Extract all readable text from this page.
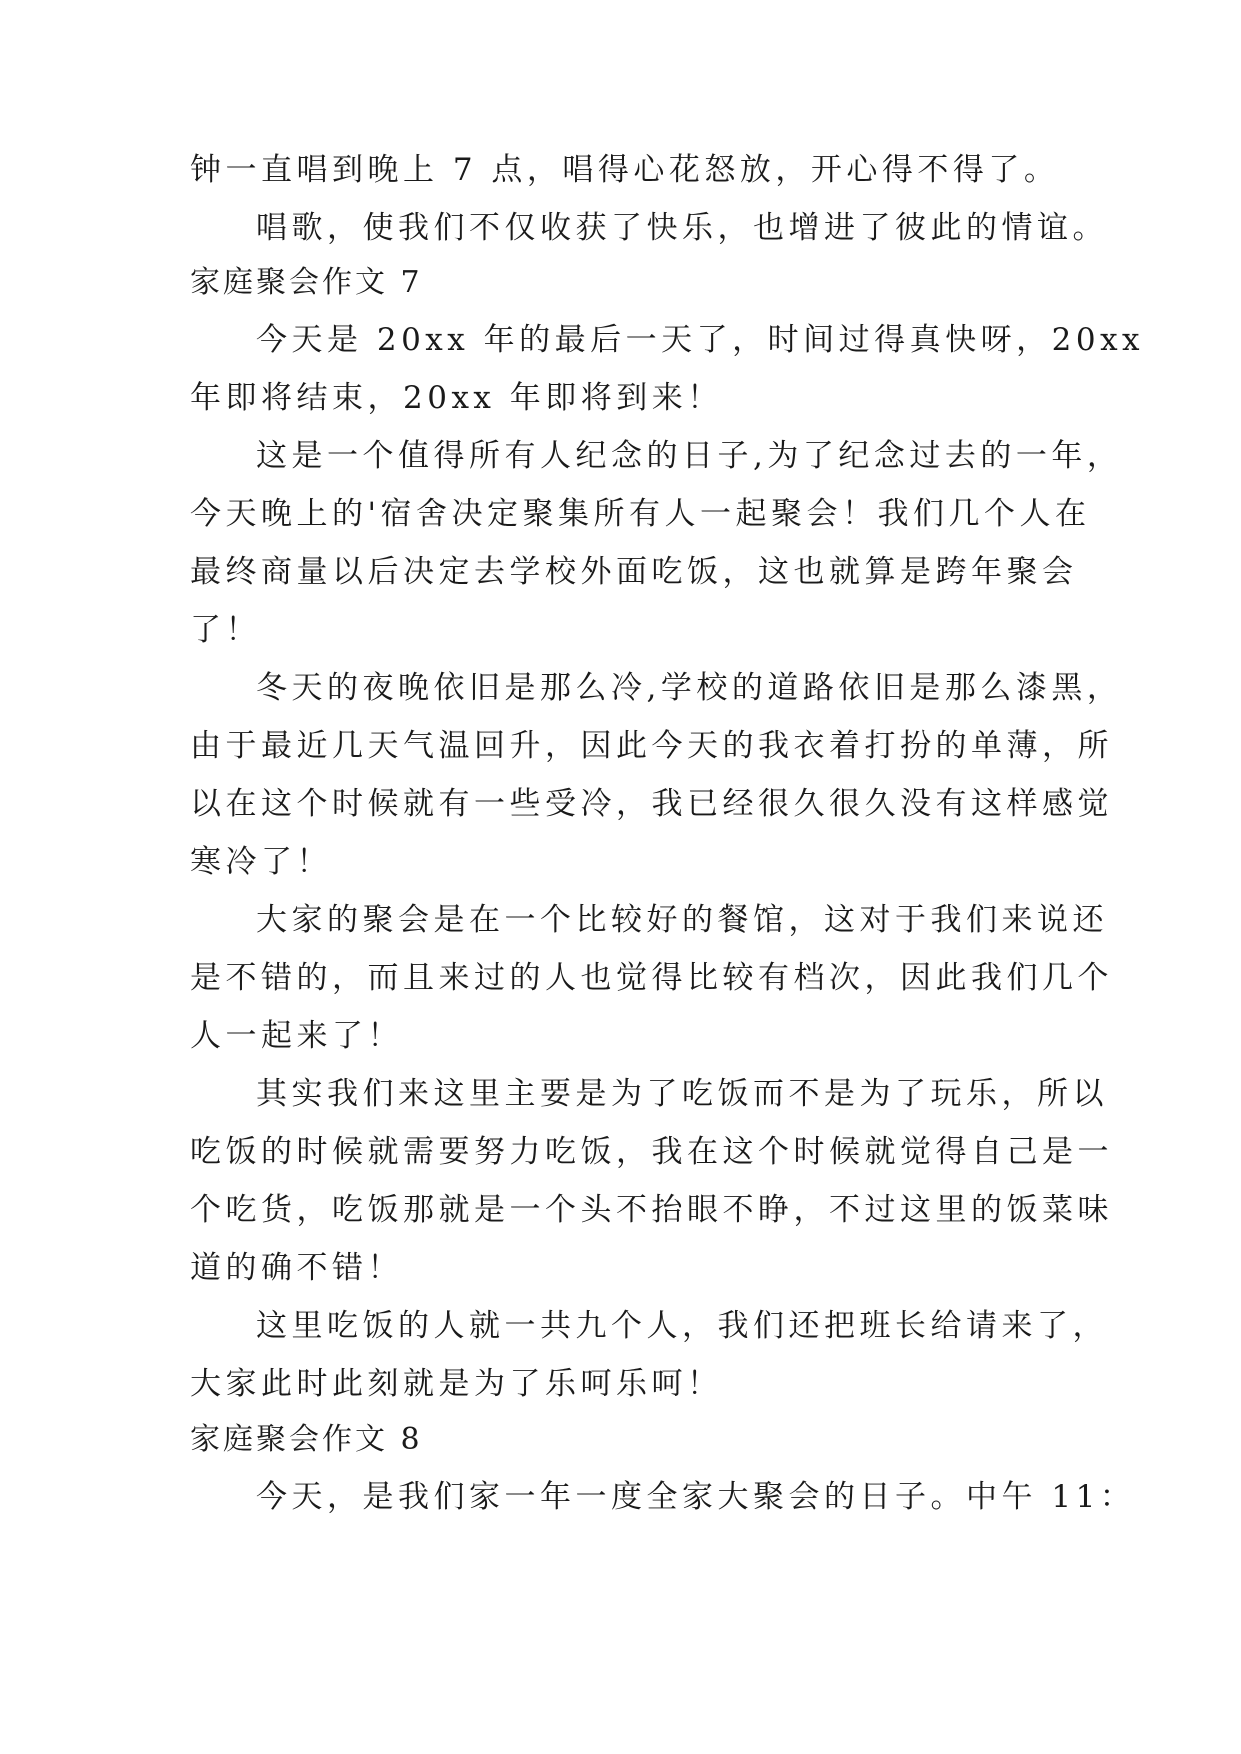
钟一直唱到晚上 7 点，唱得心花怒放，开心得不得了。
唱歌，使我们不仅收获了快乐，也增进了彼此的情谊。
家庭聚会作文 7
今天是 20xx 年的最后一天了，时间过得真快呀，20xx
年即将结束，20xx 年即将到来！
这是一个值得所有人纪念的日子,为了纪念过去的一年，
今天晚上的'宿舍决定聚集所有人一起聚会！我们几个人在
最终商量以后决定去学校外面吃饭，这也就算是跨年聚会
了！
冬天的夜晚依旧是那么冷,学校的道路依旧是那么漆黑，
由于最近几天气温回升，因此今天的我衣着打扮的单薄，所
以在这个时候就有一些受冷，我已经很久很久没有这样感觉
寒冷了！
大家的聚会是在一个比较好的餐馆，这对于我们来说还
是不错的，而且来过的人也觉得比较有档次，因此我们几个
人一起来了！
其实我们来这里主要是为了吃饭而不是为了玩乐，所以
吃饭的时候就需要努力吃饭，我在这个时候就觉得自己是一
个吃货，吃饭那就是一个头不抬眼不睁，不过这里的饭菜味
道的确不错！
这里吃饭的人就一共九个人，我们还把班长给请来了，
大家此时此刻就是为了乐呵乐呵！
家庭聚会作文 8
今天，是我们家一年一度全家大聚会的日子。中午 11：
